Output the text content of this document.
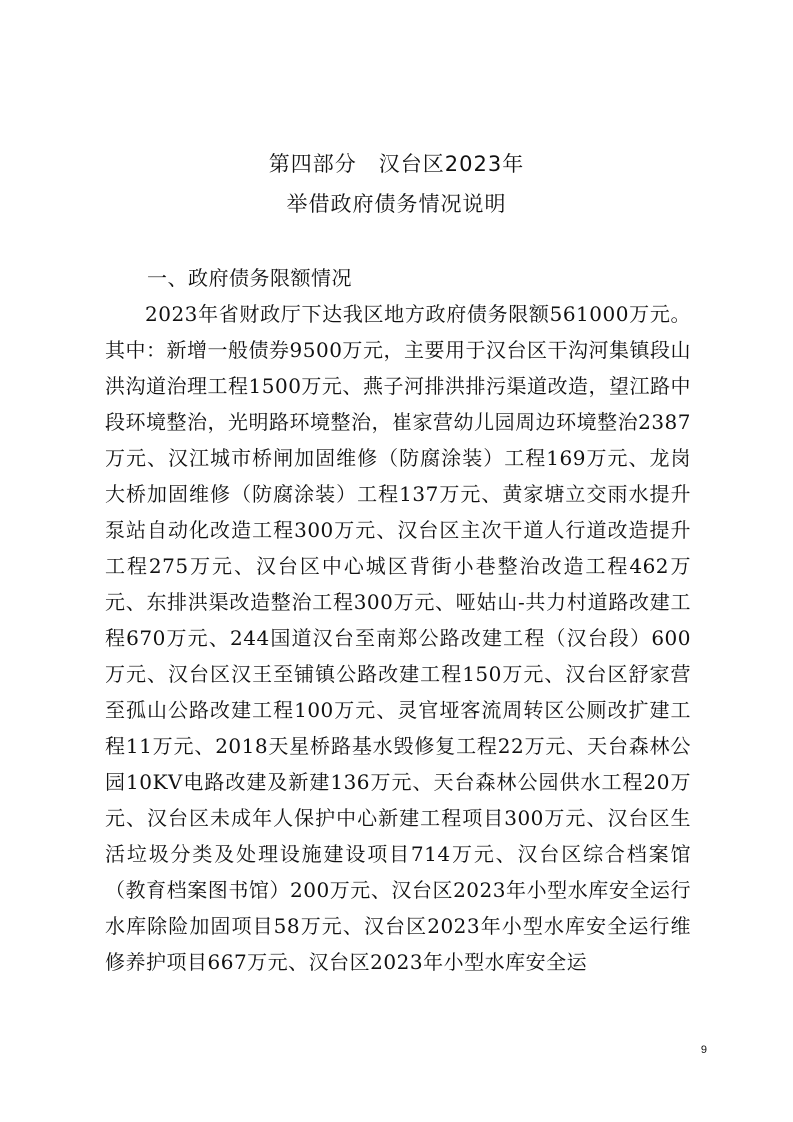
第四部分　汉台区2023年
举借政府债务情况说明
一、政府债务限额情况
2023年省财政厅下达我区地方政府债务限额561000万元。其中：新增一般债券9500万元，主要用于汉台区干沟河集镇段山洪沟道治理工程1500万元、燕子河排洪排污渠道改造，望江路中段环境整治，光明路环境整治，崔家营幼儿园周边环境整治2387万元、汉江城市桥闸加固维修（防腐涂装）工程169万元、龙岗大桥加固维修（防腐涂装）工程137万元、黄家塘立交雨水提升泵站自动化改造工程300万元、汉台区主次干道人行道改造提升工程275万元、汉台区中心城区背街小巷整治改造工程462万元、东排洪渠改造整治工程300万元、哑姑山-共力村道路改建工程670万元、244国道汉台至南郑公路改建工程（汉台段）600万元、汉台区汉王至铺镇公路改建工程150万元、汉台区舒家营至孤山公路改建工程100万元、灵官垭客流周转区公厕改扩建工程11万元、2018天星桥路基水毁修复工程22万元、天台森林公园10KV电路改建及新建136万元、天台森林公园供水工程20万元、汉台区未成年人保护中心新建工程项目300万元、汉台区生活垃圾分类及处理设施建设项目714万元、汉台区综合档案馆（教育档案图书馆）200万元、汉台区2023年小型水库安全运行水库除险加固项目58万元、汉台区2023年小型水库安全运行维修养护项目667万元、汉台区2023年小型水库安全运
9
